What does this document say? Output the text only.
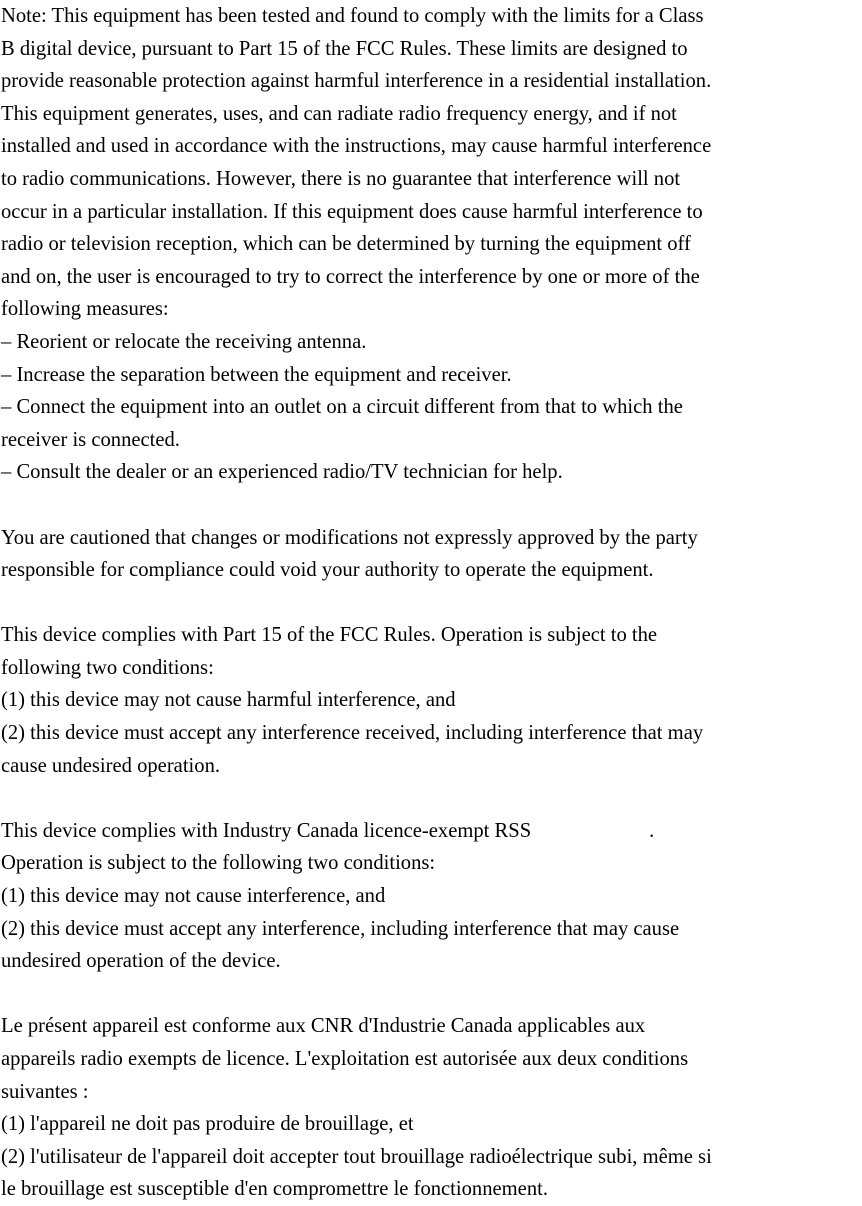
Note: This equipment has been tested and found to comply with the limits for a Class
B digital device, pursuant to Part 15 of the FCC Rules. These limits are designed to
provide reasonable protection against harmful interference in a residential installation.
This equipment generates, uses, and can radiate radio frequency energy, and if not
installed and used in accordance with the instructions, may cause harmful interference
to radio communications. However, there is no guarantee that interference will not
occur in a particular installation. If this equipment does cause harmful interference to
radio or television reception, which can be determined by turning the equipment off
and on, the user is encouraged to try to correct the interference by one or more of the
following measures:
– Reorient or relocate the receiving antenna.
– Increase the separation between the equipment and receiver.
– Connect the equipment into an outlet on a circuit different from that to which the
receiver is connected.
– Consult the dealer or an experienced radio/TV technician for help.
You are cautioned that changes or modifications not expressly approved by the party
responsible for compliance could void your authority to operate the equipment.
This device complies with Part 15 of the FCC Rules. Operation is subject to the
following two conditions:
(1) this device may not cause harmful interference, and
(2) this device must accept any interference received, including interference that may
cause undesired operation.
This device complies with Industry Canada licence-exempt RSS	.
Operation is subject to the following two conditions:
(1) this device may not cause interference, and
(2) this device must accept any interference, including interference that may cause
undesired operation of the device.
Le présent appareil est conforme aux CNR d'Industrie Canada applicables aux
appareils radio exempts de licence. L'exploitation est autorisée aux deux conditions
suivantes :
(1) l'appareil ne doit pas produire de brouillage, et
(2) l'utilisateur de l'appareil doit accepter tout brouillage radioélectrique subi, même si
le brouillage est susceptible d'en compromettre le fonctionnement.
